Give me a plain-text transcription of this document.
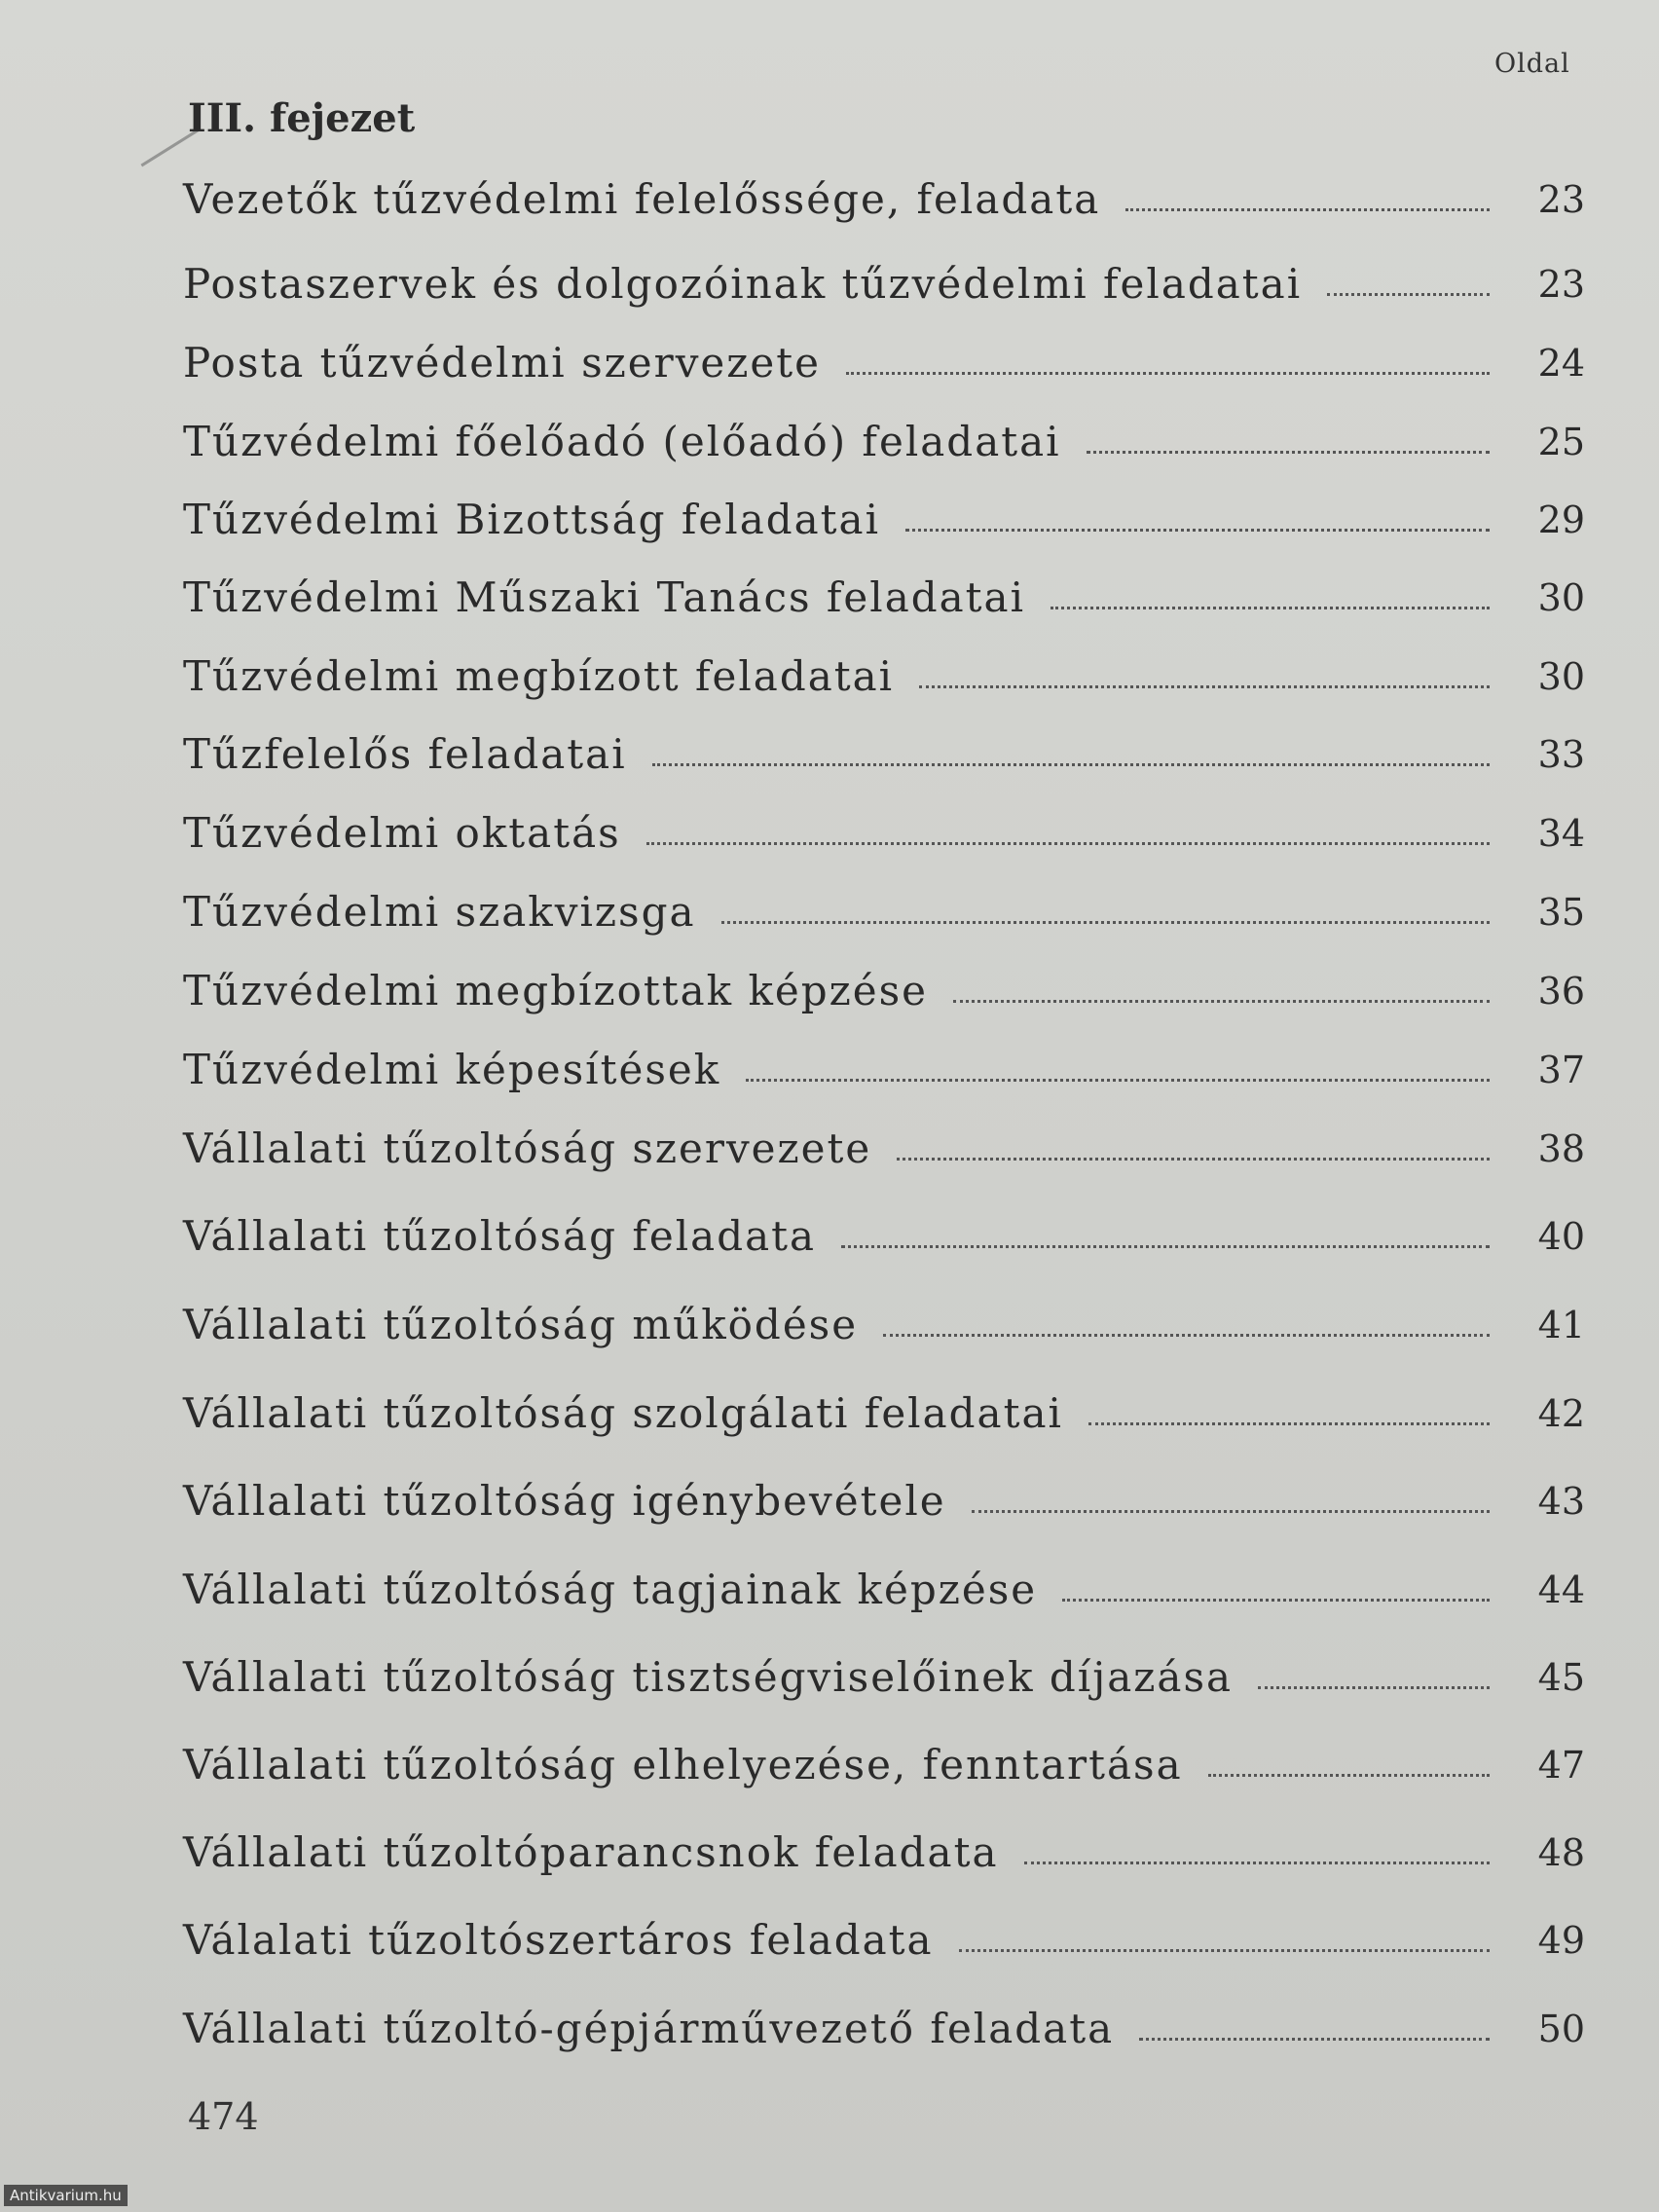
Oldal
III. fejezet
Vezetők tűzvédelmi felelőssége, feladata	23
Postaszervek és dolgozóinak tűzvédelmi feladatai	23
Posta tűzvédelmi szervezete	24
Tűzvédelmi főelőadó (előadó) feladatai	25
Tűzvédelmi Bizottság feladatai	29
Tűzvédelmi Műszaki Tanács feladatai	30
Tűzvédelmi megbízott feladatai	30
Tűzfelelős feladatai	33
Tűzvédelmi oktatás	34
Tűzvédelmi szakvizsga	35
Tűzvédelmi megbízottak képzése	36
Tűzvédelmi képesítések	37
Vállalati tűzoltóság szervezete	38
Vállalati tűzoltóság feladata	40
Vállalati tűzoltóság működése	41
Vállalati tűzoltóság szolgálati feladatai	42
Vállalati tűzoltóság igénybevétele	43
Vállalati tűzoltóság tagjainak képzése	44
Vállalati tűzoltóság tisztségviselőinek díjazása	45
Vállalati tűzoltóság elhelyezése, fenntartása	47
Vállalati tűzoltóparancsnok feladata	48
Válalati tűzoltószertáros feladata	49
Vállalati tűzoltó-gépjárművezető feladata	50
474
Antikvarium.hu
